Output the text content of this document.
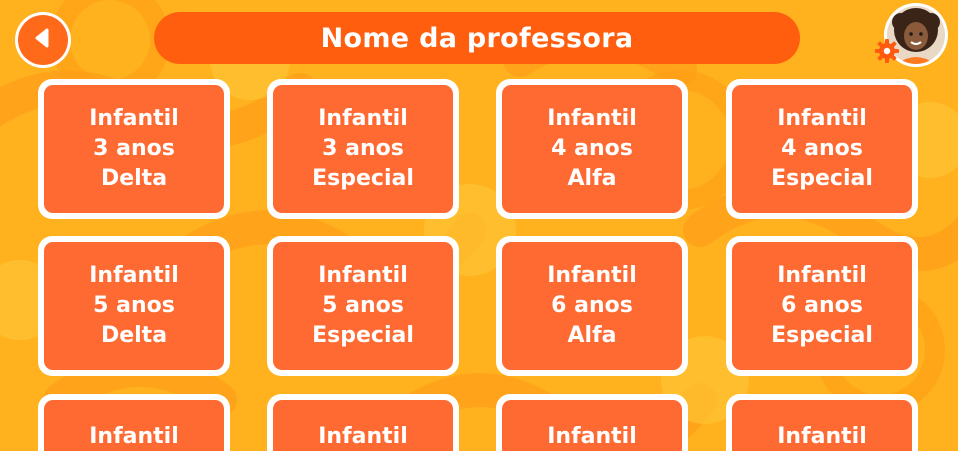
Nome da professora
Infantil
3 anos
Delta
Infantil
3 anos
Especial
Infantil
4 anos
Alfa
Infantil
4 anos
Especial
Infantil
5 anos
Delta
Infantil
5 anos
Especial
Infantil
6 anos
Alfa
Infantil
6 anos
Especial
Infantil	Infantil	Infantil	Infantil
